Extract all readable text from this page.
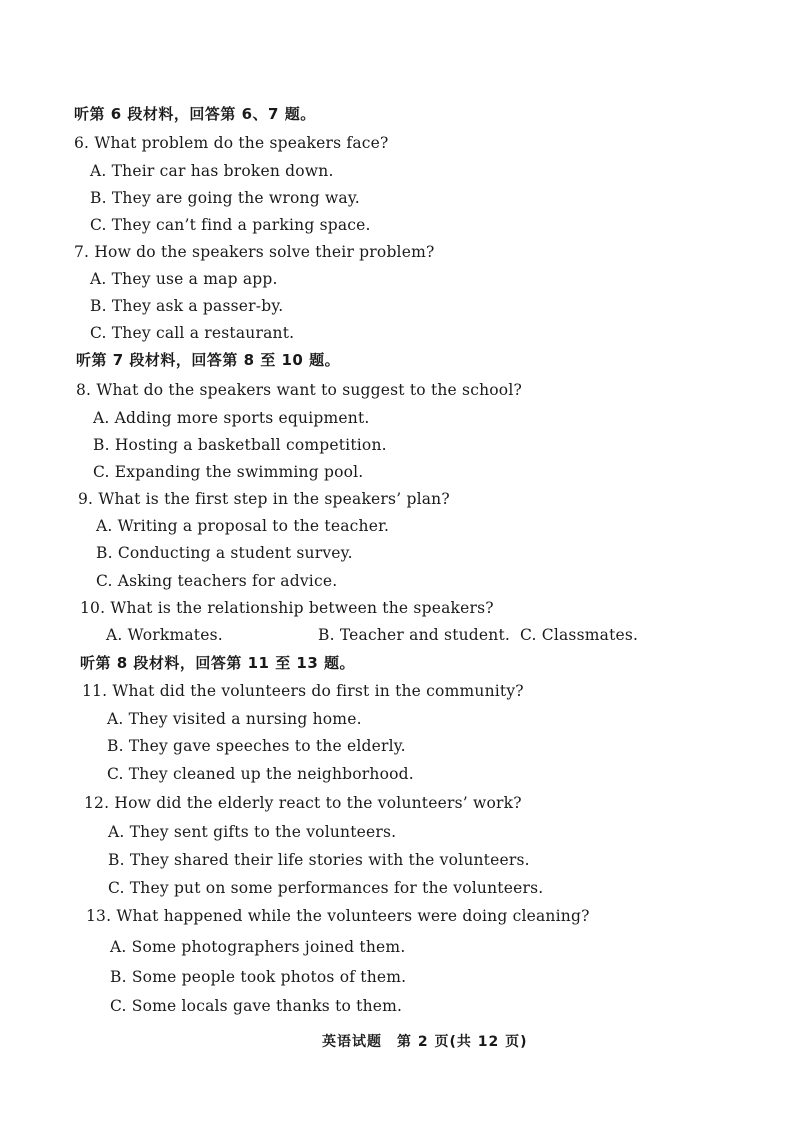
听第 6 段材料，回答第 6、7 题。
6. What problem do the speakers face?
A. Their car has broken down.
B. They are going the wrong way.
C. They can’t find a parking space.
7. How do the speakers solve their problem?
A. They use a map app.
B. They ask a passer-by.
C. They call a restaurant.
听第 7 段材料，回答第 8 至 10 题。
8. What do the speakers want to suggest to the school?
A. Adding more sports equipment.
B. Hosting a basketball competition.
C. Expanding the swimming pool.
9. What is the first step in the speakers’ plan?
A. Writing a proposal to the teacher.
B. Conducting a student survey.
C. Asking teachers for advice.
10. What is the relationship between the speakers?
A. Workmates.	B. Teacher and student. C. Classmates.
听第 8 段材料，回答第 11 至 13 题。
11. What did the volunteers do first in the community?
A. They visited a nursing home.
B. They gave speeches to the elderly.
C. They cleaned up the neighborhood.
12. How did the elderly react to the volunteers’ work?
A. They sent gifts to the volunteers.
B. They shared their life stories with the volunteers.
C. They put on some performances for the volunteers.
13. What happened while the volunteers were doing cleaning?
A. Some photographers joined them.
B. Some people took photos of them.
C. Some locals gave thanks to them.
英语试题　第 2 页(共 12 页)
